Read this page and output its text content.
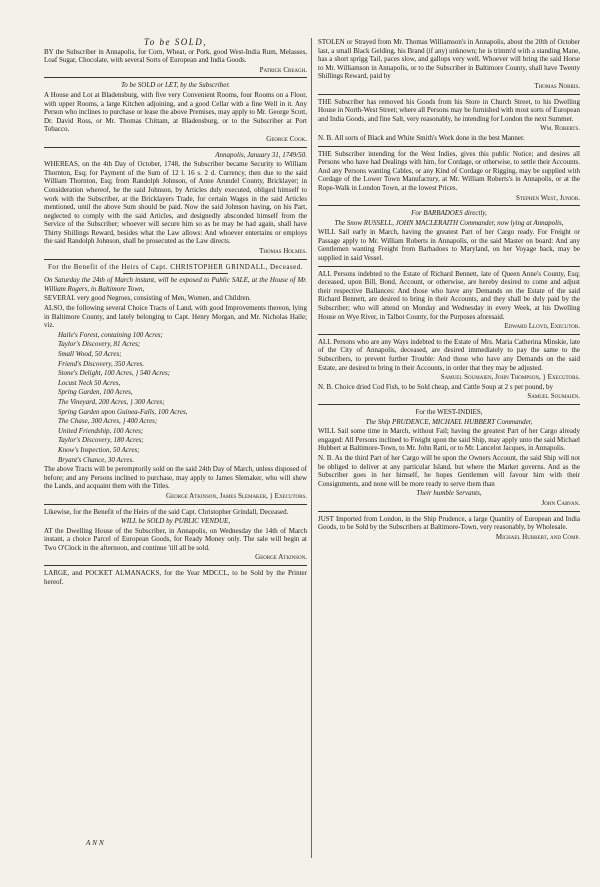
To be SOLD,

BY the Subscriber in Annapolis, for Corn, Wheat, or Pork, good West-India Rum, Melasses, Loaf Sugar, Chocolate, with several Sorts of European and India Goods.

Patrick Creagh.

To be SOLD or LET, by the Subscriber.

A House and Lot at Bladensburg, with five very Convenient Rooms, four Rooms on a Floor, with upper Rooms, a large Kitchen adjoining, and a good Cellar with a fine Well in it. Any Person who inclines to purchase or lease the above Premises, may apply to Mr. George Scott, Dr. David Ross, or Mr. Thomas Chittam, at Bladensburg, or to the Subscriber at Port Tobacco.

George Cook.

Annapolis, January 31, 1749/50.

WHEREAS, on the 4th Day of October, 1748, the Subscriber became Security to William Thornton, Esq; for Payment of the Sum of 12 l. 16 s. 2 d. Currency, then due to the said William Thornton, Esq; from Randolph Johnson, of Anne Arundel County, Bricklayer; in Consideration whereof, he the said Johnson, by Articles duly executed, obliged himself to work with the Subscriber, at the Bricklayers Trade, for certain Wages in the said Articles mentioned, until the above Sum should be paid. Now the said Johnson having, on his Part, neglected to comply with the said Articles, and designedly absconded himself from the Service of the Subscriber; whoever will secure him so as he may be had again, shall have Thirty Shillings Reward, besides what the Law allows: And whoever entertains or employs the said Randolph Johnson, shall be prosecuted as the Law directs.

Thomas Holmes.

For the Benefit of the Heirs of Capt. CHRISTOPHER GRINDALL, Deceased.

On Saturday the 24th of March instant, will be exposed to Public SALE, at the House of Mr. William Rogers, in Baltimore Town,

SEVERAL very good Negroes, consisting of Men, Women, and Children.

ALSO, the following several Choice Tracts of Land, with good Improvements thereon, lying in Baltimore County, and lately belonging to Capt. Henry Morgan, and Mr. Nicholas Haile; viz.

Haile's Forest, containing 100 Acres;

Taylor's Discovery, 81 Acres;

Small Wood, 50 Acres;

Friend's Discovery, 350 Acres.

Stone's Delight, 100 Acres, } 540 Acres;

Locust Neck 50 Acres,

Spring Garden, 100 Acres,

The Vineyard, 200 Acres, } 300 Acres;

Spring Garden upon Guinea-Falls, 100 Acres,

The Chase, 300 Acres, } 400 Acres;

United Friendship, 100 Acres;

Taylor's Discovery, 180 Acres;

Know's Inspection, 50 Acres;

Bryant's Chance, 30 Acres.

The above Tracts will be peremptorily sold on the said 24th Day of March, unless disposed of before; and any Persons inclined to purchase, may apply to James Slemaker, who will shew the Lands, and acquaint them with the Titles.

George Atkinson, James Slemaker, } Executors.

Likewise, for the Benefit of the Heirs of the said Capt. Christopher Grindall, Deceased.

WILL be SOLD by PUBLIC VENDUE,

AT the Dwelling House of the Subscriber, in Annapolis, on Wednesday the 14th of March instant, a choice Parcel of European Goods, for Ready Money only. The sale will begin at Two O'Clock in the afternoon, and continue 'till all be sold.

George Atkinson.

LARGE, and POCKET ALMANACKS, for the Year MDCCL, to be Sold by the Printer hereof.

ANN

STOLEN or Strayed from Mr. Thomas Williamson's in Annapolis, about the 20th of October last, a small Black Gelding, his Brand (if any) unknown; he is trimm'd with a standing Mane, has a short sprigg Tail, paces slow, and gallops very well. Whoever will bring the said Horse to Mr. Williamson in Annapolis, or to the Subscriber in Baltimore County, shall have Twenty Shillings Reward, paid by

Thomas Norris.

THE Subscriber has removed his Goods from his Store in Church Street, to his Dwelling House in North-West Street; where all Persons may be furnished with most sorts of European and India Goods, and fine Salt, very reasonably, he intending for London the next Summer.

Wm. Roberts.

N. B. All sorts of Black and White Smith's Work done in the best Manner.

THE Subscriber intending for the West Indies, gives this public Notice; and desires all Persons who have had Dealings with him, for Cordage, or otherwise, to settle their Accounts. And any Persons wanting Cables, or any Kind of Cordage or Rigging, may be supplied with Cordage of the Lower Town Manufactury, at Mr. William Roberts's in Annapolis, or at the Rope-Walk in London Town, at the lowest Prices.

Stephen West, Junior.

For BARBADOES directly,

The Snow RUSSELL, JOHN MACLERAITH Commander, now lying at Annapolis,

WILL Sail early in March, having the greatest Part of her Cargo ready. For Freight or Passage apply to Mr. William Roberts in Annapolis, or the said Master on board: And any Gentlemen wanting Freight from Barbadoes to Maryland, on her Voyage back, may be supplied in said Vessel.

ALL Persons indebted to the Estate of Richard Bennett, late of Queen Anne's County, Esq; deceased, upon Bill, Bond, Account, or otherwise, are hereby desired to come and adjust their respective Ballances: And those who have any Demands on the Estate of the said Richard Bennett, are desired to bring in their Accounts, and they shall be duly paid by the Subscriber; who will attend on Monday and Wednesday in every Week, at his Dwelling House on Wye River, in Talbot County, for the Purposes aforesaid.

Edward Lloyd, Executor.

ALL Persons who are any Ways indebted to the Estate of Mrs. Maria Catherina Minskie, late of the City of Annapolis, deceased, are desired immediately to pay the same to the Subscribers, to prevent further Trouble: And those who have any Demands on the said Estate, are desired to bring in their Accounts, in order that they may be adjusted.

Samuel Soumaien, John Thompson, } Executors.

N. B. Choice dried Cod Fish, to be Sold cheap, and Cattle Soup at 2 s per pound, by

Samuel Soumaien.

For the WEST-INDIES,

The Ship PRUDENCE, MICHAEL HUBBERT Commander,

WILL Sail some time in March, without Fail; having the greatest Part of her Cargo already engaged: All Persons inclined to Freight upon the said Ship, may apply unto the said Michael Hubbert at Baltimore-Town, to Mr. John Ratti, or to Mr. Lancelot Jacques, in Annapolis.

N. B. As the third Part of her Cargo will be upon the Owners Account, the said Ship will not be obliged to deliver at any particular Island, but where the Market governs. And as the Subscriber goes in her himself, he hopes Gentlemen will favour him with their Consignments, and none will be more ready to serve them than

Their humble Servants,

John Carvan.

JUST Imported from London, in the Ship Prudence, a large Quantity of European and India Goods, to be Sold by the Subscribers at Baltimore-Town, very reasonably, by Wholesale.

Michael Hubbert, and Comp.
